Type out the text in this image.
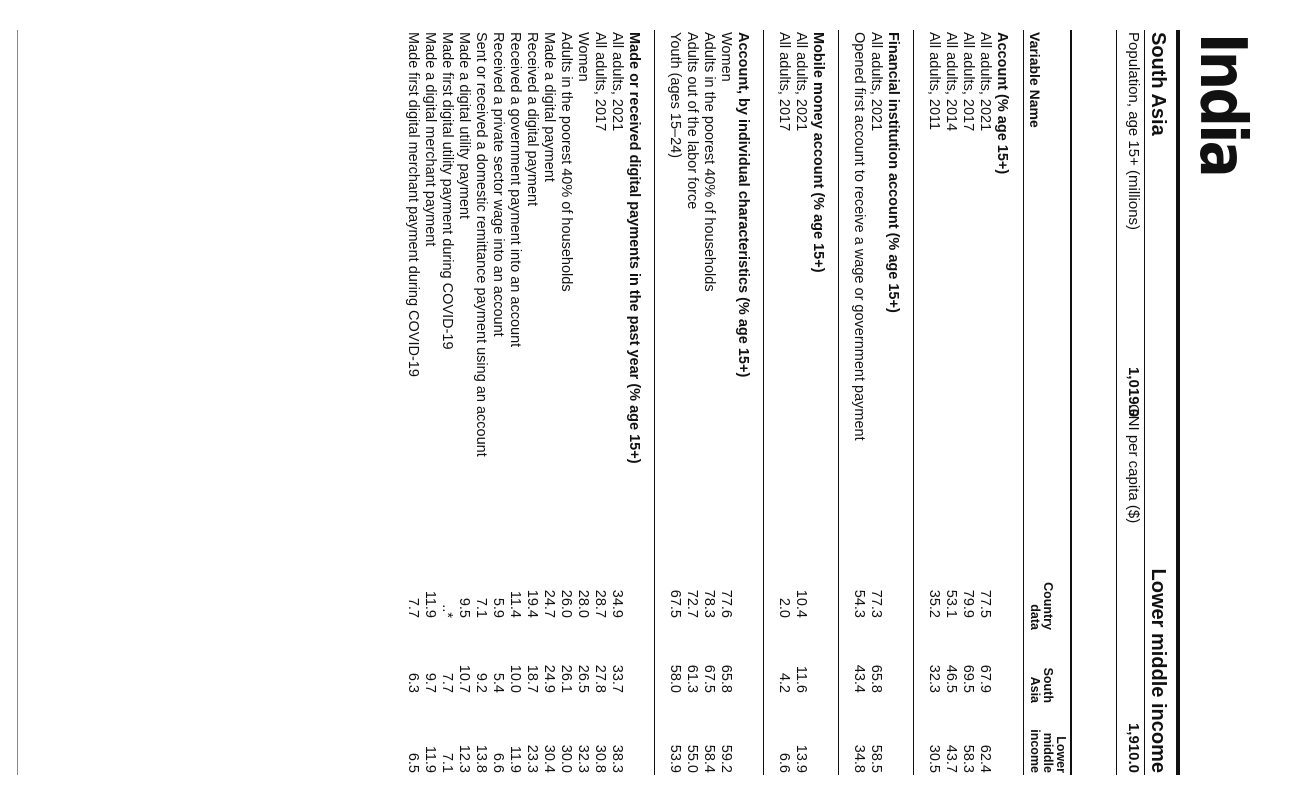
India
South Asia
Lower middle income
Population, age 15+ (millions)
1,019.0
GNI per capita ($)
1,910.0
Variable Name
Country data
South Asia
Lower middle income
Account (% age 15+)
All adults, 2021
77.5
67.9
62.4
All adults, 2017
79.9
69.5
58.3
All adults, 2014
53.1
46.5
43.7
All adults, 2011
35.2
32.3
30.5
Financial institution account (% age 15+)
All adults, 2021
77.3
65.8
58.5
Opened first account to receive a wage or government payment
54.3
43.4
34.8
Mobile money account (% age 15+)
All adults, 2021
10.4
11.6
13.9
All adults, 2017
2.0
4.2
6.6
Account, by individual characteristics (% age 15+)
Women
77.6
65.8
59.2
Adults in the poorest 40% of households
78.3
67.5
58.4
Adults out of the labor force
72.7
61.3
55.0
Youth (ages 15–24)
67.5
58.0
53.9
Made or received digital payments in the past year (% age 15+)
All adults, 2021
34.9
33.7
38.3
All adults, 2017
28.7
27.8
30.8
Women
28.0
26.5
32.3
Adults in the poorest 40% of households
26.0
26.1
30.0
Made a digital payment
24.7
24.9
30.4
Received a digital payment
19.4
18.7
23.3
Received a government payment into an account
11.4
10.0
11.9
Received a private sector wage into an account
5.9
5.4
6.6
Sent or received a domestic remittance payment using an account
7.1
9.2
13.8
Made a digital utility payment
9.5
10.7
12.3
Made first digital utility payment during COVID-19
..*
7.7
7.1
Made a digital merchant payment
11.9
9.7
11.9
Made first digital merchant payment during COVID-19
7.7
6.3
6.5
